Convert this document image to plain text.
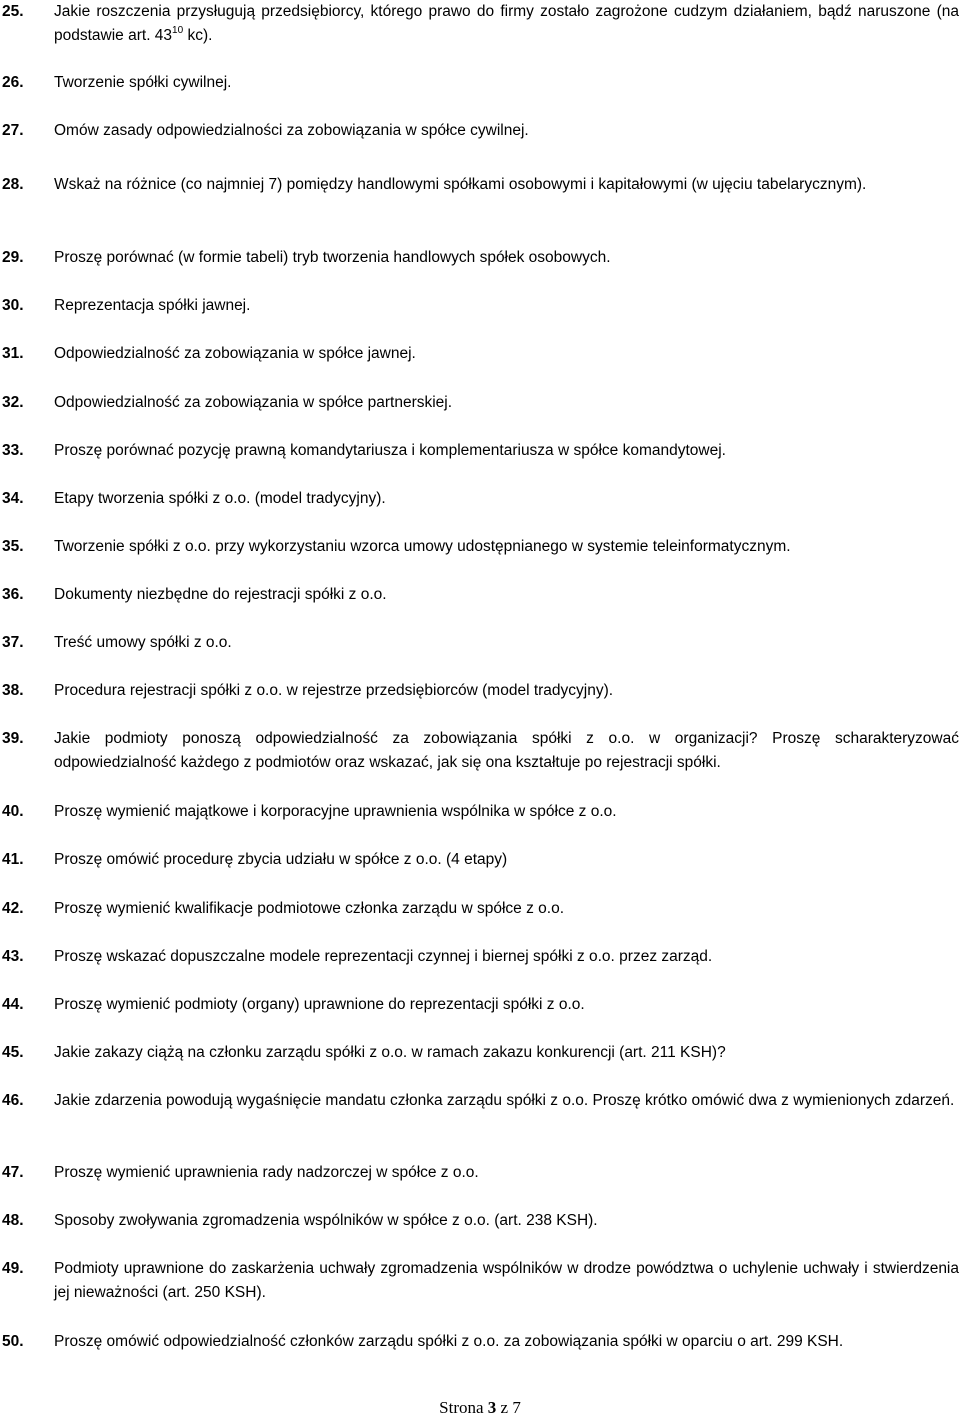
25.	Jakie roszczenia przysługują przedsiębiorcy, którego prawo do firmy zostało zagrożone cudzym działaniem, bądź naruszone (na podstawie art. $43^{10}$ kc).
26.	Tworzenie spółki cywilnej.
27.	Omów zasady odpowiedzialności za zobowiązania w spółce cywilnej.
28.	Wskaż na różnice (co najmniej 7) pomiędzy handlowymi spółkami osobowymi i kapitałowymi (w ujęciu tabelarycznym).
29.	Proszę porównać (w formie tabeli) tryb tworzenia handlowych spółek osobowych.
30.	Reprezentacja spółki jawnej.
31.	Odpowiedzialność za zobowiązania w spółce jawnej.
32.	Odpowiedzialność za zobowiązania w spółce partnerskiej.
33.	Proszę porównać pozycję prawną komandytariusza i komplementariusza w spółce komandytowej.
34.	Etapy tworzenia spółki z o.o. (model tradycyjny).
35.	Tworzenie spółki z o.o. przy wykorzystaniu wzorca umowy udostępnianego w systemie teleinformatycznym.
36.	Dokumenty niezbędne do rejestracji spółki z o.o.
37.	Treść umowy spółki z o.o.
38.	Procedura rejestracji spółki z o.o. w rejestrze przedsiębiorców (model tradycyjny).
39.	Jakie podmioty ponoszą odpowiedzialność za zobowiązania spółki z o.o. w organizacji? Proszę scharakteryzować odpowiedzialność każdego z podmiotów oraz wskazać, jak się ona kształtuje po rejestracji spółki.
40.	Proszę wymienić majątkowe i korporacyjne uprawnienia wspólnika w spółce z o.o.
41.	Proszę omówić procedurę zbycia udziału w spółce z o.o. (4 etapy)
42.	Proszę wymienić kwalifikacje podmiotowe członka zarządu w spółce z o.o.
43.	Proszę wskazać dopuszczalne modele reprezentacji czynnej i biernej spółki z o.o. przez zarząd.
44.	Proszę wymienić podmioty (organy) uprawnione do reprezentacji spółki z o.o.
45.	Jakie zakazy ciążą na członku zarządu spółki z o.o. w ramach zakazu konkurencji (art. 211 KSH)?
46.	Jakie zdarzenia powodują wygaśnięcie mandatu członka zarządu spółki z o.o. Proszę krótko omówić dwa z wymienionych zdarzeń.
47.	Proszę wymienić uprawnienia rady nadzorczej w spółce z o.o.
48.	Sposoby zwoływania zgromadzenia wspólników w spółce z o.o. (art. 238 KSH).
49.	Podmioty uprawnione do zaskarżenia uchwały zgromadzenia wspólników w drodze powództwa o uchylenie uchwały i stwierdzenia jej nieważności (art. 250 KSH).
50.	Proszę omówić odpowiedzialność członków zarządu spółki z o.o. za zobowiązania spółki w oparciu o art. 299 KSH.
Strona 3 z 7
